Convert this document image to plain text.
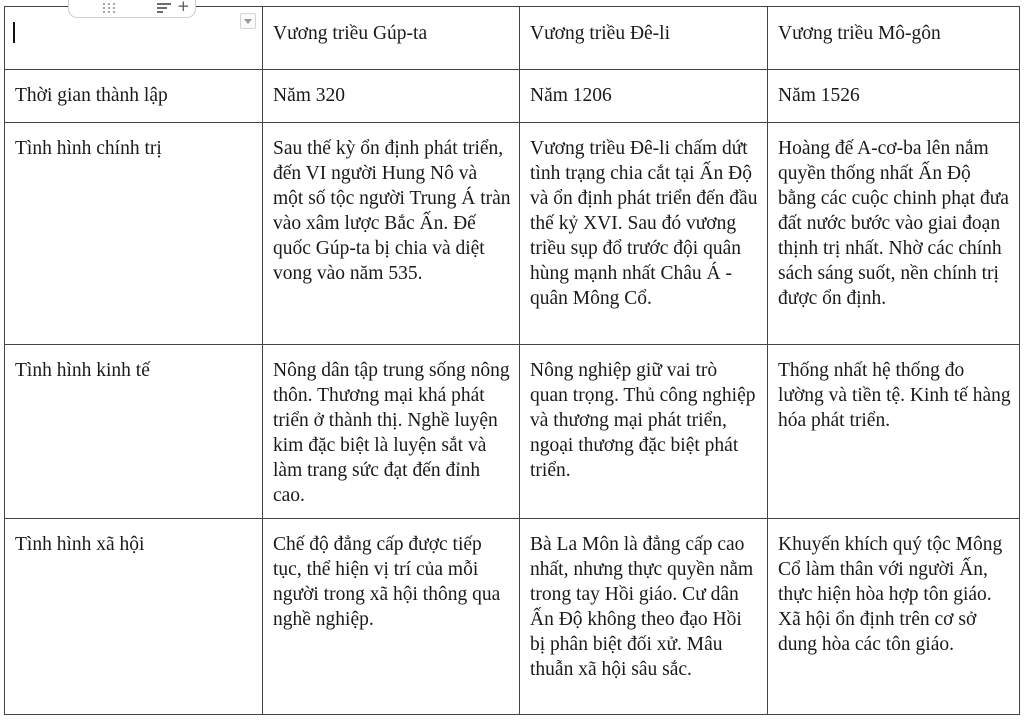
	Vương triều Gúp-ta	Vương triều Đê-li	Vương triều Mô-gôn
Thời gian thành lập	Năm 320	Năm 1206	Năm 1526
Tình hình chính trị	Sau thế kỳ ổn định phát triển, đến VI người Hung Nô và một số tộc người Trung Á tràn vào xâm lược Bắc Ấn. Đế quốc Gúp-ta bị chia và diệt vong vào năm 535.	Vương triều Đê-li chấm dứt tình trạng chia cắt tại Ấn Độ và ổn định phát triển đến đầu thế kỷ XVI. Sau đó vương triều sụp đổ trước đội quân hùng mạnh nhất Châu Á - quân Mông Cổ.	Hoàng đế A-cơ-ba lên nắm quyền thống nhất Ấn Độ bằng các cuộc chinh phạt đưa đất nước bước vào giai đoạn thịnh trị nhất. Nhờ các chính sách sáng suốt, nền chính trị được ổn định.
Tình hình kinh tế	Nông dân tập trung sống nông thôn. Thương mại khá phát triển ở thành thị. Nghề luyện kim đặc biệt là luyện sắt và làm trang sức đạt đến đỉnh cao.	Nông nghiệp giữ vai trò quan trọng. Thủ công nghiệp và thương mại phát triển, ngoại thương đặc biệt phát triển.	Thống nhất hệ thống đo lường và tiền tệ. Kinh tế hàng hóa phát triển.
Tình hình xã hội	Chế độ đẳng cấp được tiếp tục, thể hiện vị trí của mỗi người trong xã hội thông qua nghề nghiệp.	Bà La Môn là đẳng cấp cao nhất, nhưng thực quyền nằm trong tay Hồi giáo. Cư dân Ấn Độ không theo đạo Hồi bị phân biệt đối xử. Mâu thuẫn xã hội sâu sắc.	Khuyến khích quý tộc Mông Cổ làm thân với người Ấn, thực hiện hòa hợp tôn giáo. Xã hội ổn định trên cơ sở dung hòa các tôn giáo.
+
